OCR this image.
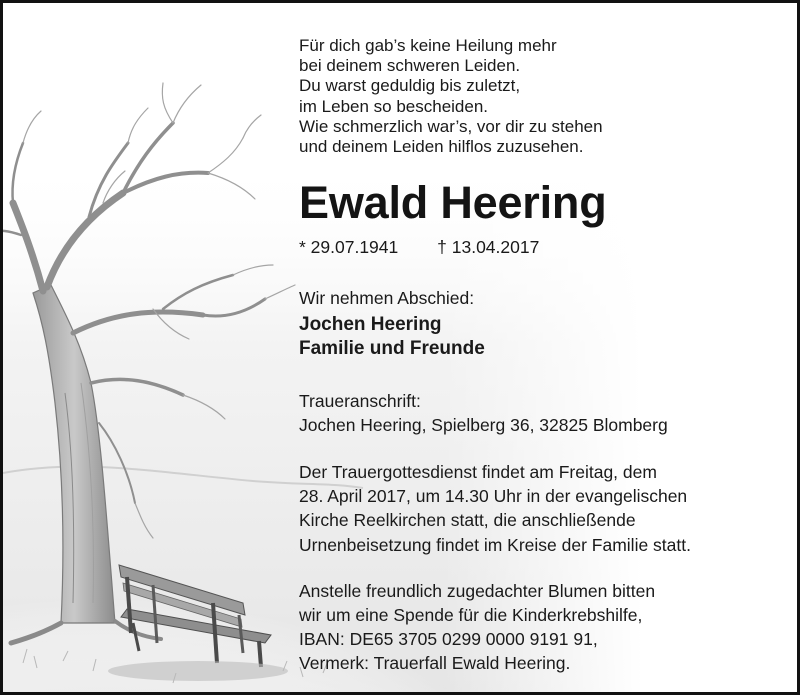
Für dich gab’s keine Heilung mehr
bei deinem schweren Leiden.
Du warst geduldig bis zuletzt,
im Leben so bescheiden.
Wie schmerzlich war’s, vor dir zu stehen
und deinem Leiden hilflos zuzusehen.
Ewald Heering
* 29.07.1941 † 13.04.2017
Wir nehmen Abschied:
Jochen Heering
Familie und Freunde
Traueranschrift:
Jochen Heering, Spielberg 36, 32825 Blomberg
Der Trauergottesdienst findet am Freitag, dem
28. April 2017, um 14.30 Uhr in der evangelischen
Kirche Reelkirchen statt, die anschließende
Urnenbeisetzung findet im Kreise der Familie statt.
Anstelle freundlich zugedachter Blumen bitten
wir um eine Spende für die Kinderkrebshilfe,
IBAN: DE65 3705 0299 0000 9191 91,
Vermerk: Trauerfall Ewald Heering.
